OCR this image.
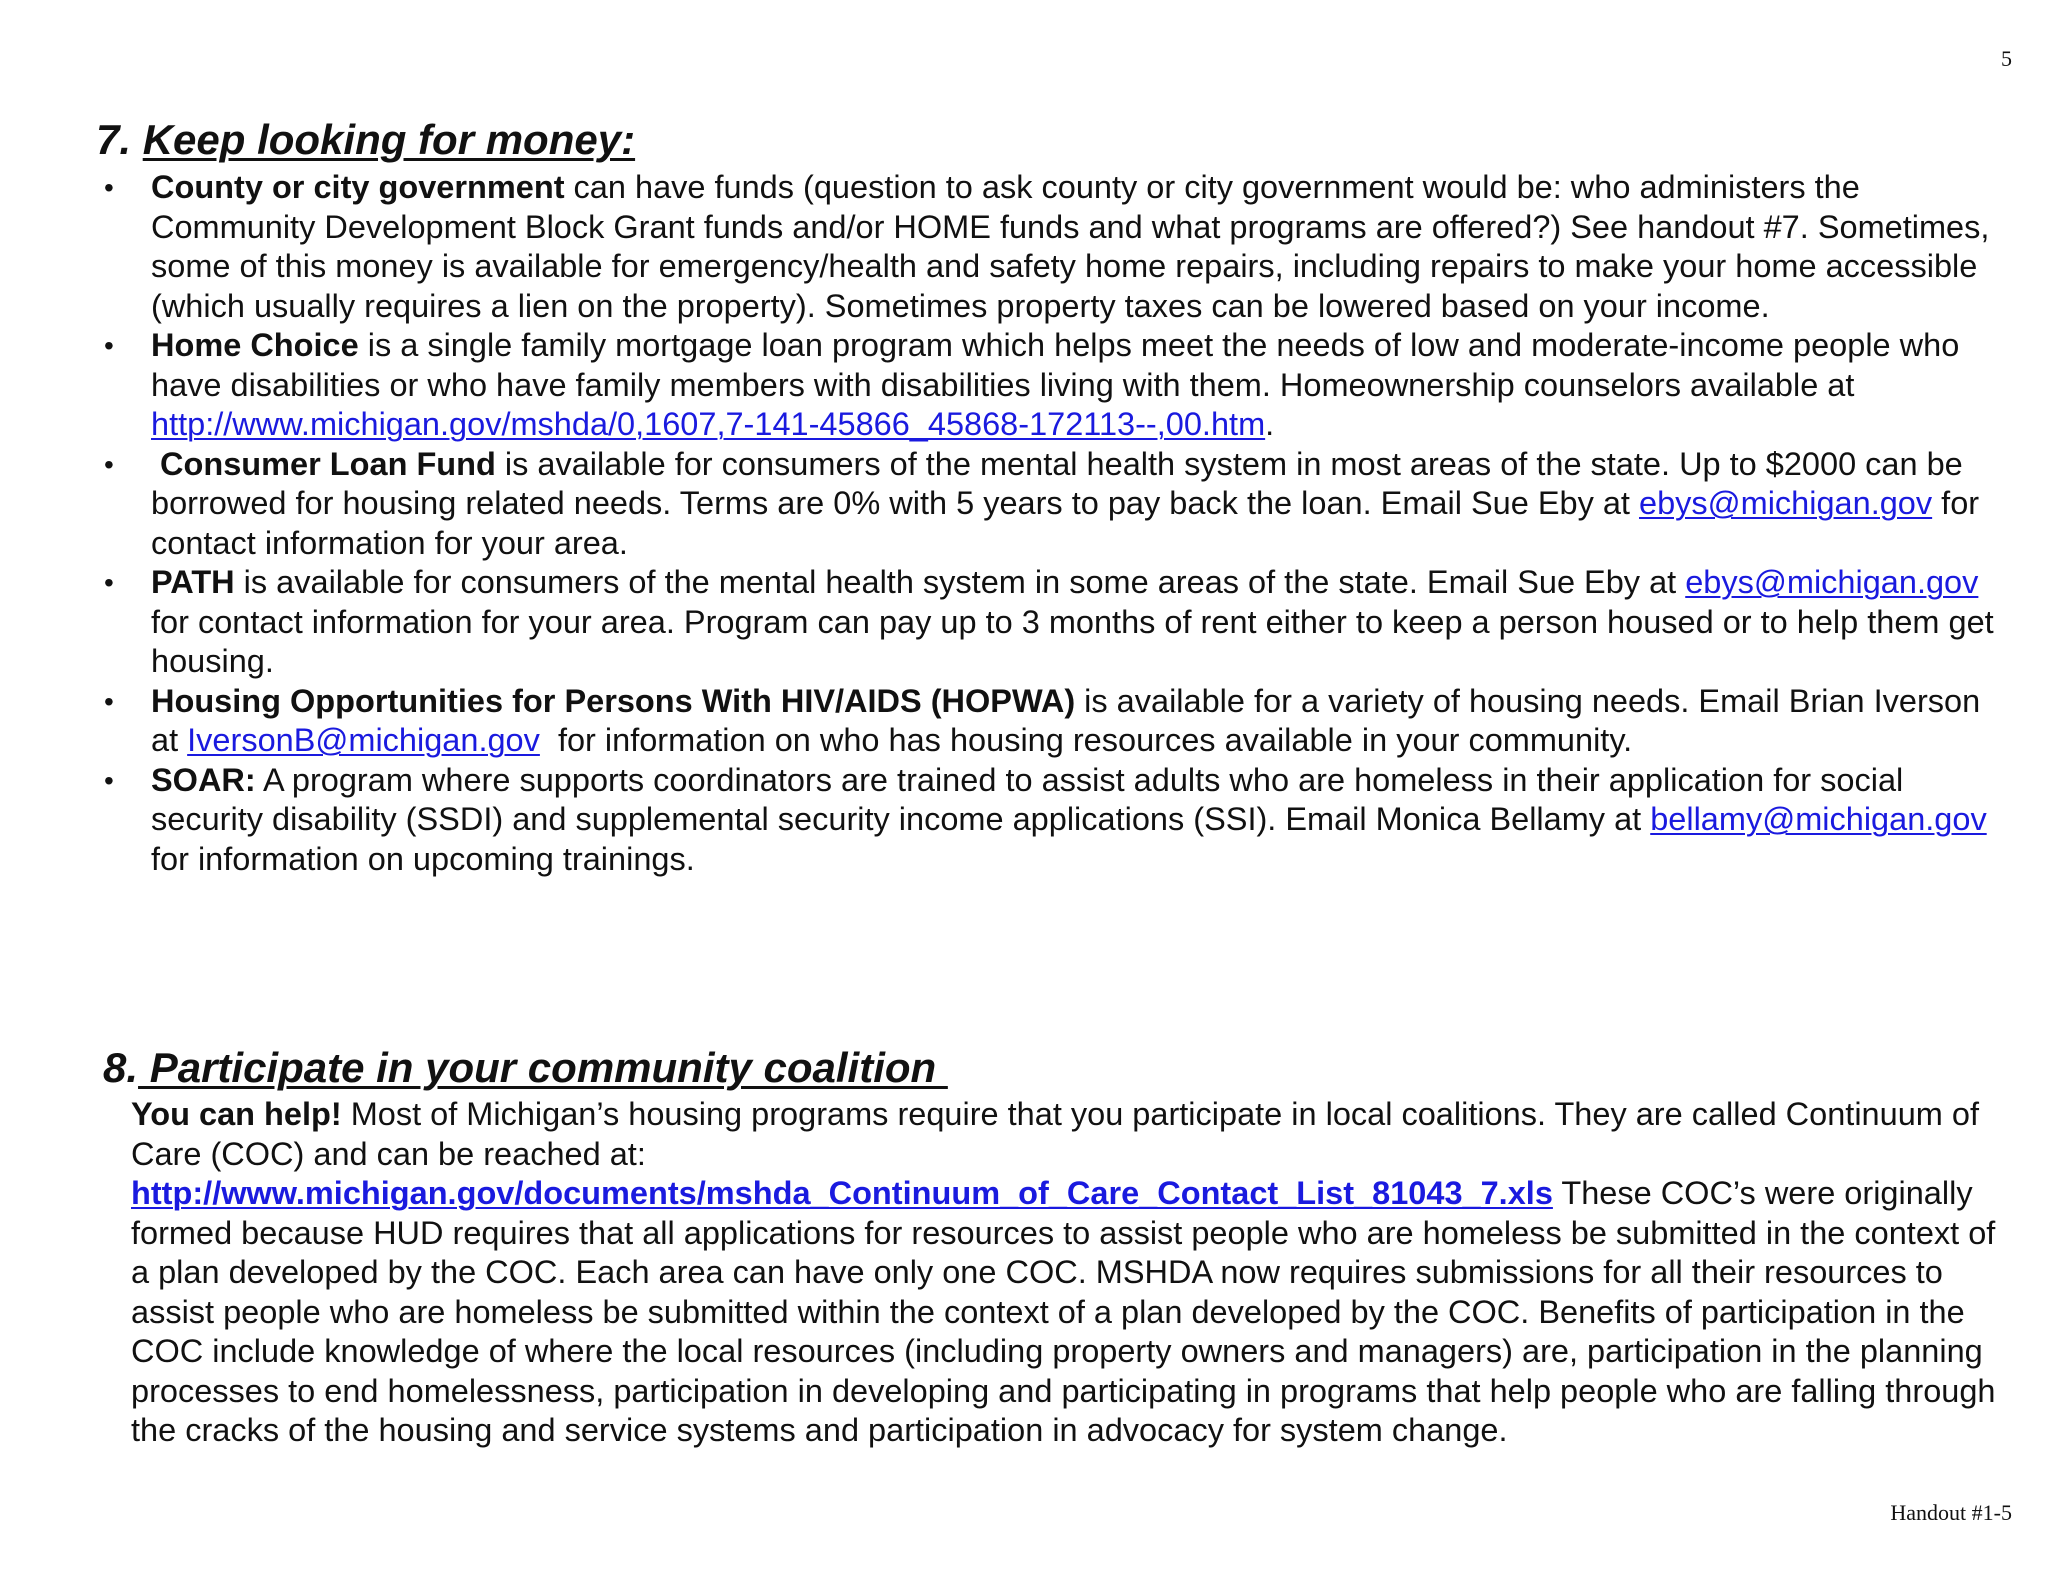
5
7. Keep looking for money:
• County or city government can have funds (question to ask county or city government would be: who administers the Community Development Block Grant funds and/or HOME funds and what programs are offered?) See handout #7. Sometimes, some of this money is available for emergency/health and safety home repairs, including repairs to make your home accessible (which usually requires a lien on the property). Sometimes property taxes can be lowered based on your income.
• Home Choice is a single family mortgage loan program which helps meet the needs of low and moderate-income people who have disabilities or who have family members with disabilities living with them. Homeownership counselors available at  http://www.michigan.gov/mshda/0,1607,7-141-45866_45868-172113--,00.htm.
• Consumer Loan Fund is available for consumers of the mental health system in most areas of the state. Up to $2000 can be borrowed for housing related needs. Terms are 0% with 5 years to pay back the loan. Email Sue Eby at ebys@michigan.gov for contact information for your area.
• PATH is available for consumers of the mental health system in some areas of the state. Email Sue Eby at ebys@michigan.gov for contact information for your area. Program can pay up to 3 months of rent either to keep a person housed or to help them get housing.
• Housing Opportunities for Persons With HIV/AIDS (HOPWA) is available for a variety of housing needs. Email Brian Iverson at IversonB@michigan.gov  for information on who has housing resources available in your community.
• SOAR: A program where supports coordinators are trained to assist adults who are homeless in their application for social security disability (SSDI) and supplemental security income applications (SSI). Email Monica Bellamy at bellamy@michigan.gov for information on upcoming trainings.
8. Participate in your community coalition

You can help! Most of Michigan’s housing programs require that you participate in local coalitions. They are called Continuum of Care (COC) and can be reached at: http://www.michigan.gov/documents/mshda_Continuum_of_Care_Contact_List_81043_7.xls These COC’s were originally formed because HUD requires that all applications for resources to assist people who are homeless be submitted in the context of a plan developed by the COC. Each area can have only one COC. MSHDA now requires submissions for all their resources to assist people who are homeless be submitted within the context of a plan developed by the COC. Benefits of participation in the COC include knowledge of where the local resources (including property owners and managers) are, participation in the planning processes to end homelessness, participation in developing and participating in programs that help people who are falling through the cracks of the housing and service systems and participation in advocacy for system change.

Handout #1-5
